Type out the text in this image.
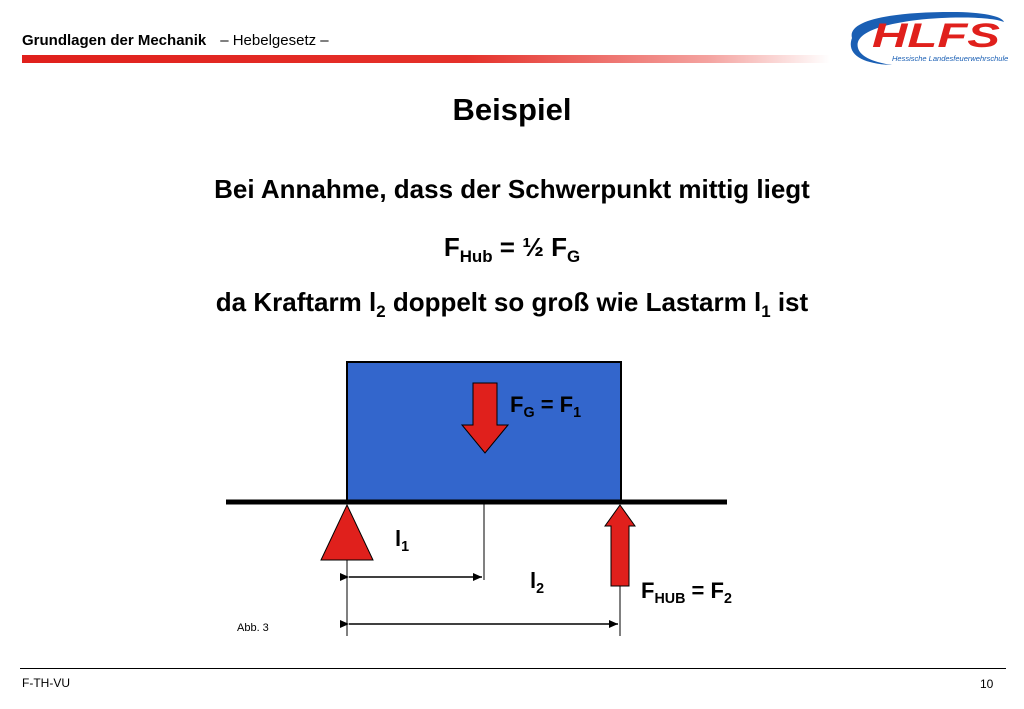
Grundlagen der Mechanik – Hebelgesetz –	HLFS
Hessische Landesfeuerwehrschule
Beispiel
Bei Annahme, dass der Schwerpunkt mittig liegt
$F_{Hub}$ = ½ $F_G$
da Kraftarm $l_2$ doppelt so groß wie Lastarm $l_1$ ist
$F_G = F_1$
$l_1$
$l_2$	$F_{HUB} = F_2$
Abb. 3
F-TH-VU	10
